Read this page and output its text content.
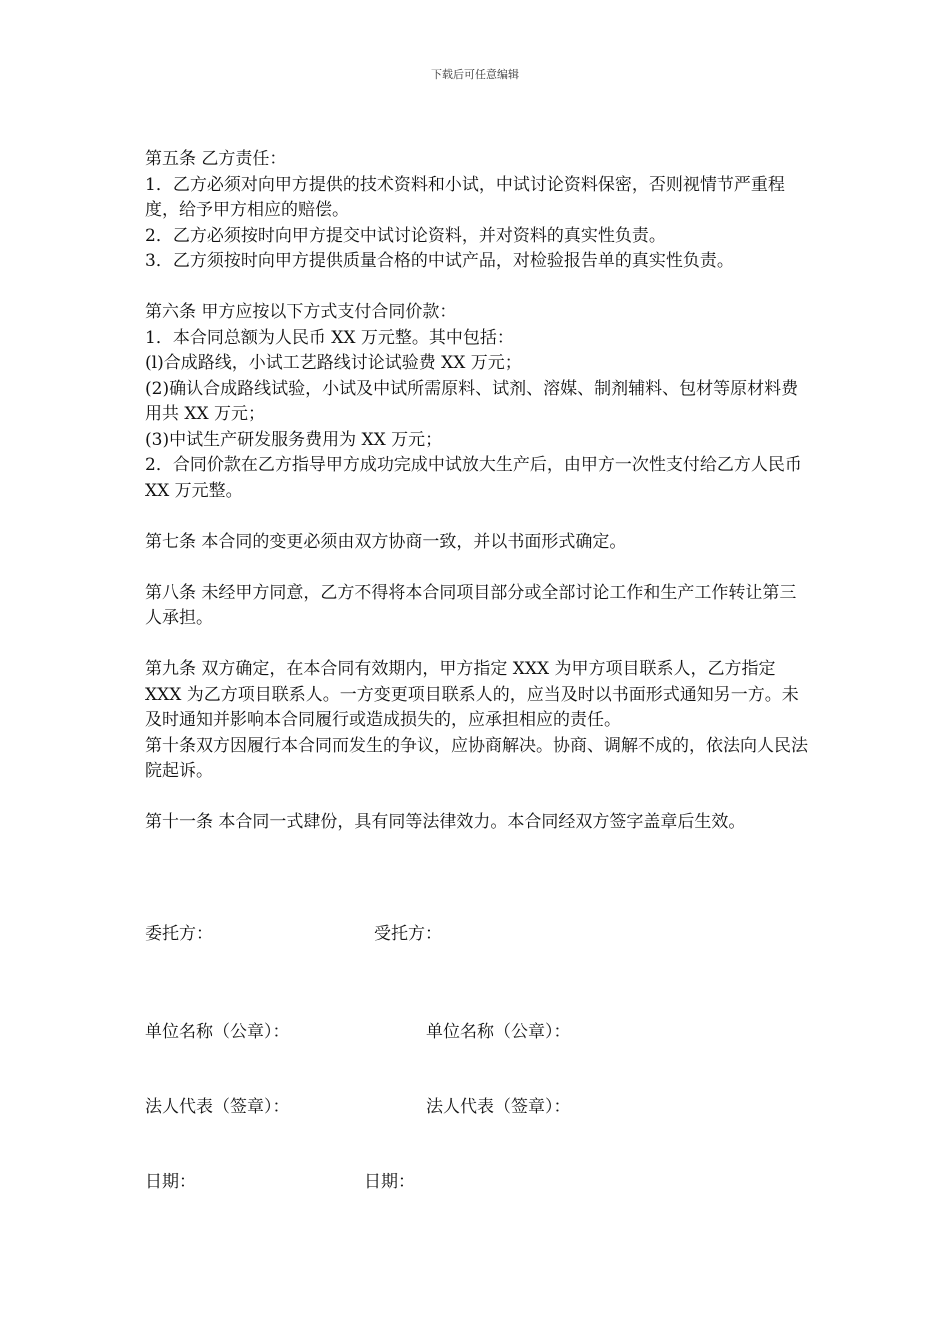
下载后可任意编辑

第五条 乙方责任：

1．乙方必须对向甲方提供的技术资料和小试，中试讨论资料保密，否则视情节严重程度，给予甲方相应的赔偿。

2．乙方必须按时向甲方提交中试讨论资料，并对资料的真实性负责。

3．乙方须按时向甲方提供质量合格的中试产品，对检验报告单的真实性负责。

第六条 甲方应按以下方式支付合同价款：

1．本合同总额为人民币 XX 万元整。其中包括：

(l)合成路线，小试工艺路线讨论试验费 XX 万元；

(2)确认合成路线试验，小试及中试所需原料、试剂、溶媒、制剂辅料、包材等原材料费用共 XX 万元；

(3)中试生产研发服务费用为 XX 万元；

2．合同价款在乙方指导甲方成功完成中试放大生产后，由甲方一次性支付给乙方人民币 XX 万元整。

第七条 本合同的变更必须由双方协商一致，并以书面形式确定。

第八条 未经甲方同意，乙方不得将本合同项目部分或全部讨论工作和生产工作转让第三人承担。

第九条 双方确定，在本合同有效期内，甲方指定 XXX 为甲方项目联系人，乙方指定 XXX 为乙方项目联系人。一方变更项目联系人的，应当及时以书面形式通知另一方。未及时通知并影响本合同履行或造成损失的，应承担相应的责任。

第十条双方因履行本合同而发生的争议，应协商解决。协商、调解不成的，依法向人民法院起诉。

第十一条 本合同一式肆份，具有同等法律效力。本合同经双方签字盖章后生效。

委托方：	受托方：
单位名称（公章）：	单位名称（公章）：
法人代表（签章）：	法人代表（签章）：
日期：	日期：
